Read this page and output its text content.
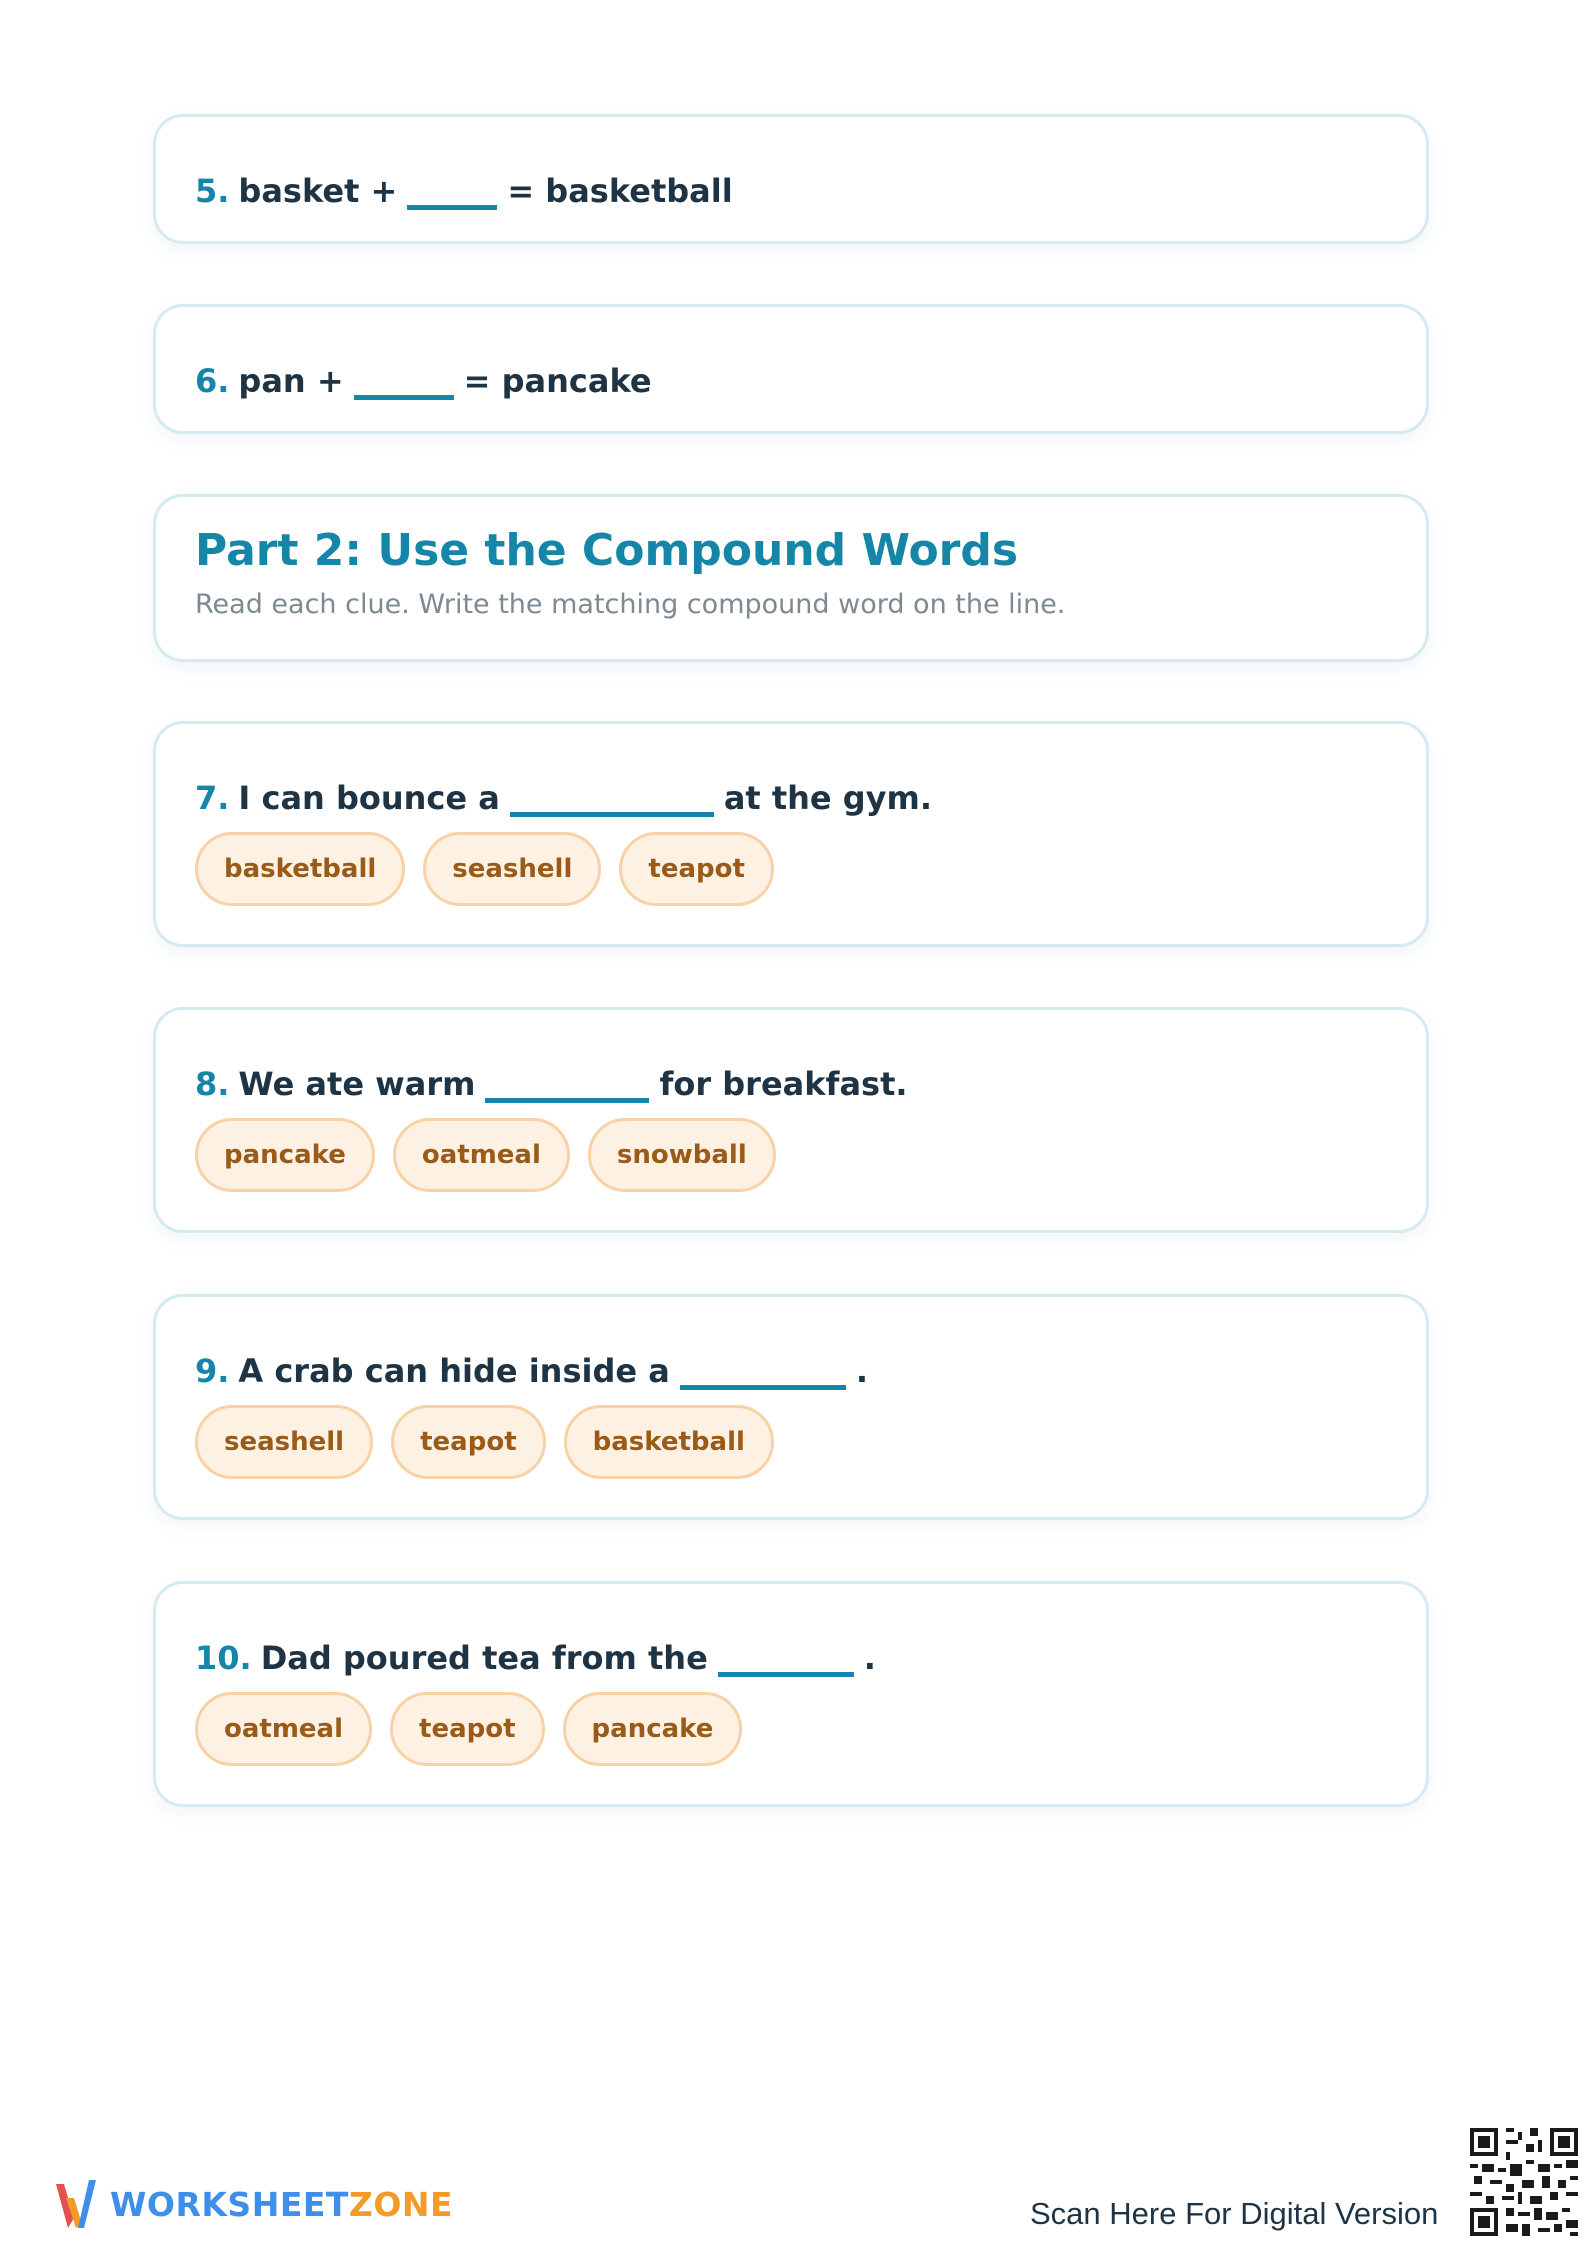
5. basket +	= basketball
6. pan +	= pancake
Part 2: Use the Compound Words
Read each clue. Write the matching compound word on the line.
7. I can bounce a	at the gym.
basketball	seashell	teapot
8. We ate warm	for breakfast.
pancake	oatmeal	snowball
9. A crab can hide inside a	.
seashell	teapot	basketball
10. Dad poured tea from the	.
oatmeal	teapot	pancake
WORKSHEETZONE	Scan Here For Digital Version
